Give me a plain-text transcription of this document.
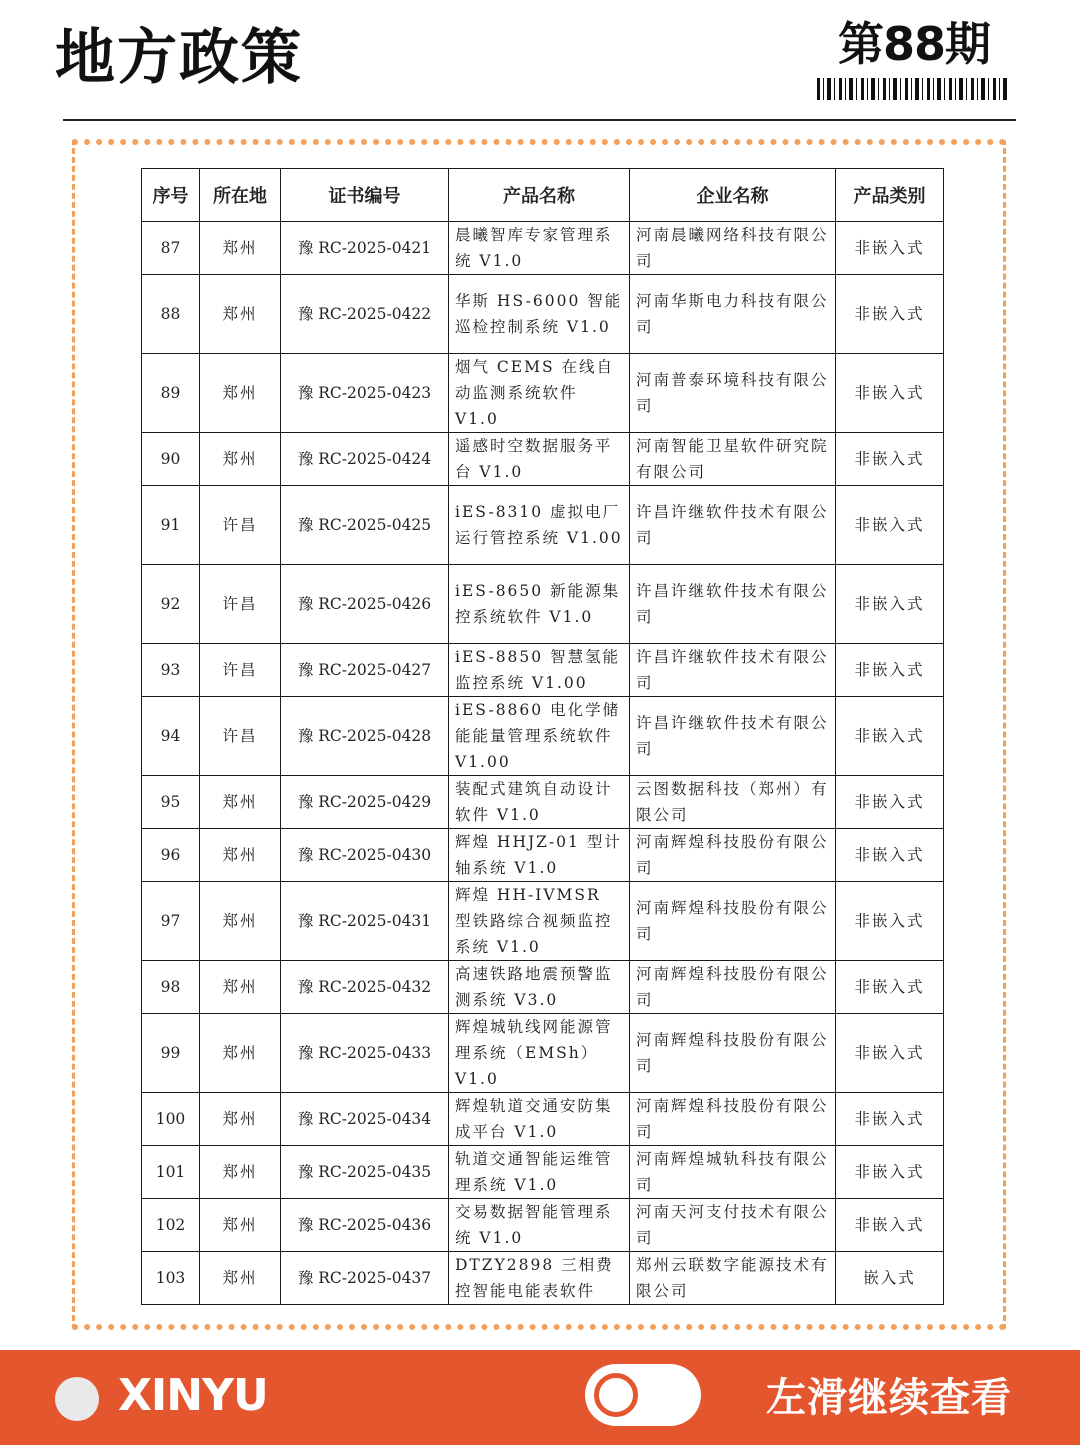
地方政策	第88期
序号	所在地	证书编号	产品名称	企业名称	产品类别
87	郑州	豫 RC-2025-0421	晨曦智库专家管理系统 V1.0	河南晨曦网络科技有限公司	非嵌入式
88	郑州	豫 RC-2025-0422	华斯 HS-6000 智能巡检控制系统 V1.0	河南华斯电力科技有限公司	非嵌入式
89	郑州	豫 RC-2025-0423	烟气 CEMS 在线自动监测系统软件 V1.0	河南普泰环境科技有限公司	非嵌入式
90	郑州	豫 RC-2025-0424	遥感时空数据服务平台 V1.0	河南智能卫星软件研究院有限公司	非嵌入式
91	许昌	豫 RC-2025-0425	iES-8310 虚拟电厂运行管控系统 V1.00	许昌许继软件技术有限公司	非嵌入式
92	许昌	豫 RC-2025-0426	iES-8650 新能源集控系统软件 V1.0	许昌许继软件技术有限公司	非嵌入式
93	许昌	豫 RC-2025-0427	iES-8850 智慧氢能监控系统 V1.00	许昌许继软件技术有限公司	非嵌入式
94	许昌	豫 RC-2025-0428	iES-8860 电化学储能能量管理系统软件 V1.00	许昌许继软件技术有限公司	非嵌入式
95	郑州	豫 RC-2025-0429	装配式建筑自动设计软件 V1.0	云图数据科技（郑州）有限公司	非嵌入式
96	郑州	豫 RC-2025-0430	辉煌 HHJZ-01 型计轴系统 V1.0	河南辉煌科技股份有限公司	非嵌入式
97	郑州	豫 RC-2025-0431	辉煌 HH-IVMSR 型铁路综合视频监控系统 V1.0	河南辉煌科技股份有限公司	非嵌入式
98	郑州	豫 RC-2025-0432	高速铁路地震预警监测系统 V3.0	河南辉煌科技股份有限公司	非嵌入式
99	郑州	豫 RC-2025-0433	辉煌城轨线网能源管理系统（EMSh）V1.0	河南辉煌科技股份有限公司	非嵌入式
100	郑州	豫 RC-2025-0434	辉煌轨道交通安防集成平台 V1.0	河南辉煌科技股份有限公司	非嵌入式
101	郑州	豫 RC-2025-0435	轨道交通智能运维管理系统 V1.0	河南辉煌城轨科技有限公司	非嵌入式
102	郑州	豫 RC-2025-0436	交易数据智能管理系统 V1.0	河南天河支付技术有限公司	非嵌入式
103	郑州	豫 RC-2025-0437	DTZY2898 三相费控智能电能表软件	郑州云联数字能源技术有限公司	嵌入式
XINYU	左滑继续查看
